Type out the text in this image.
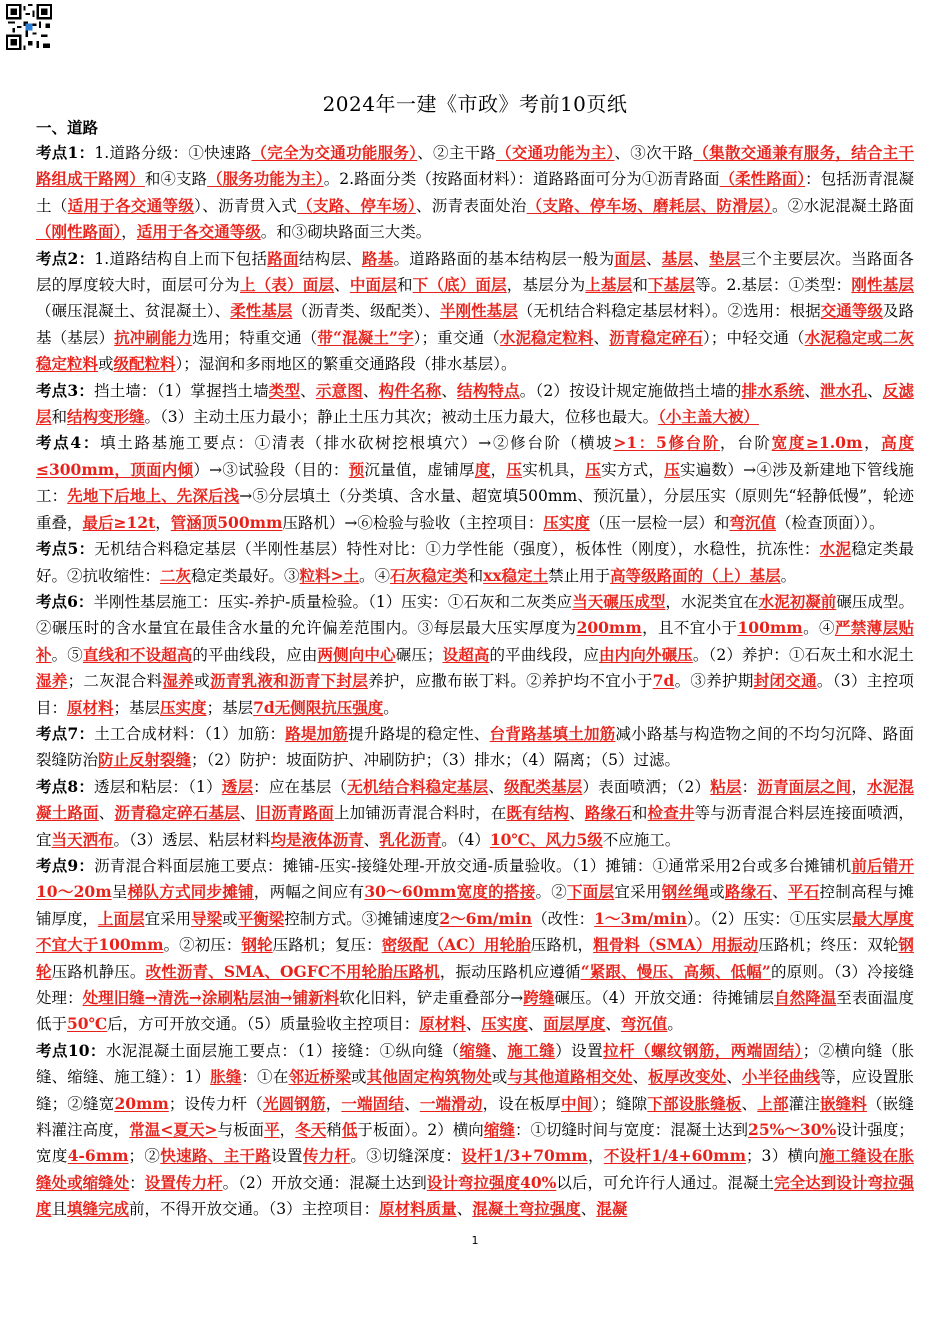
2024年一建《市政》考前10页纸
一、道路

考点1：1.道路分级：①快速路（完全为交通功能服务）、②主干路（交通功能为主）、③次干路（集散交通兼有服务，结合主干路组成干路网）和④支路（服务功能为主）。2.路面分类（按路面材料）：道路路面可分为①沥青路面（柔性路面）：包括沥青混凝土（适用于各交通等级）、沥青贯入式（支路、停车场）、沥青表面处治（支路、停车场、磨耗层、防滑层）。②水泥混凝土路面（刚性路面），适用于各交通等级。和③砌块路面三大类。

考点2：1.道路结构自上而下包括路面结构层、路基。道路路面的基本结构层一般为面层、基层、垫层三个主要层次。当路面各层的厚度较大时，面层可分为上（表）面层、中面层和下（底）面层，基层分为上基层和下基层等。2.基层：①类型：刚性基层（碾压混凝土、贫混凝土）、柔性基层（沥青类、级配类）、半刚性基层（无机结合料稳定基层材料）。②选用：根据交通等级及路基（基层）抗冲刷能力选用；特重交通（带“混凝土”字）；重交通（水泥稳定粒料、沥青稳定碎石）；中轻交通（水泥稳定或二灰稳定粒料或级配粒料）；湿润和多雨地区的繁重交通路段（排水基层）。

考点3：挡土墙：（1）掌握挡土墙类型、示意图、构件名称、结构特点。（2）按设计规定施做挡土墙的排水系统、泄水孔、反滤层和结构变形缝。（3）主动土压力最小；静止土压力其次；被动土压力最大，位移也最大。（小主盖大被）

考点4：填土路基施工要点：①清表（排水砍树挖根填穴）→②修台阶（横坡>1：5修台阶，台阶宽度≥1.0m，高度≤300mm，顶面内倾）→③试验段（目的：预沉量值，虚铺厚度，压实机具，压实方式，压实遍数）→④涉及新建地下管线施工：先地下后地上、先深后浅→⑤分层填土（分类填、含水量、超宽填500mm、预沉量），分层压实（原则先“轻静低慢”，轮迹重叠，最后≥12t，管涵顶500mm压路机）→⑥检验与验收（主控项目：压实度（压一层检一层）和弯沉值（检查顶面））。

考点5：无机结合料稳定基层（半刚性基层）特性对比：①力学性能（强度），板体性（刚度），水稳性，抗冻性：水泥稳定类最好。②抗收缩性：二灰稳定类最好。③粒料>土。④石灰稳定类和xx稳定土禁止用于高等级路面的（上）基层。

考点6：半刚性基层施工：压实-养护-质量检验。（1）压实：①石灰和二灰类应当天碾压成型，水泥类宜在水泥初凝前碾压成型。②碾压时的含水量宜在最佳含水量的允许偏差范围内。③每层最大压实厚度为200mm，且不宜小于100mm。④严禁薄层贴补。⑤直线和不设超高的平曲线段，应由两侧向中心碾压；设超高的平曲线段，应由内向外碾压。（2）养护：①石灰土和水泥土湿养；二灰混合料湿养或沥青乳液和沥青下封层养护，应撒布嵌丁料。②养护均不宜小于7d。③养护期封闭交通。（3）主控项目：原材料；基层压实度；基层7d无侧限抗压强度。

考点7：土工合成材料：（1）加筋：路堤加筋提升路堤的稳定性、台背路基填土加筋减小路基与构造物之间的不均匀沉降、路面裂缝防治防止反射裂缝；（2）防护：坡面防护、冲刷防护；（3）排水；（4）隔离；（5）过滤。

考点8：透层和粘层：（1）透层：应在基层（无机结合料稳定基层、级配类基层）表面喷洒；（2）粘层：沥青面层之间，水泥混凝土路面、沥青稳定碎石基层、旧沥青路面上加铺沥青混合料时，在既有结构、路缘石和检查井等与沥青混合料层连接面喷洒，宜当天洒布。（3）透层、粘层材料均是液体沥青、乳化沥青。（4）10℃、风力5级不应施工。

考点9：沥青混合料面层施工要点：摊铺-压实-接缝处理-开放交通-质量验收。（1）摊铺：①通常采用2台或多台摊铺机前后错开10～20m呈梯队方式同步摊铺，两幅之间应有30～60mm宽度的搭接。②下面层宜采用钢丝绳或路缘石、平石控制高程与摊铺厚度，上面层宜采用导梁或平衡梁控制方式。③摊铺速度2～6m/min（改性：1～3m/min）。（2）压实：①压实层最大厚度不宜大于100mm。②初压：钢轮压路机；复压：密级配（AC）用轮胎压路机，粗骨料（SMA）用振动压路机；终压：双轮钢轮压路机静压。改性沥青、SMA、OGFC不用轮胎压路机，振动压路机应遵循“紧跟、慢压、高频、低幅”的原则。（3）冷接缝处理：处理旧缝→清洗→涂刷粘层油→铺新料软化旧料，铲走重叠部分→跨缝碾压。（4）开放交通：待摊铺层自然降温至表面温度低于50℃后，方可开放交通。（5）质量验收主控项目：原材料、压实度、面层厚度、弯沉值。

考点10：水泥混凝土面层施工要点：（1）接缝：①纵向缝（缩缝、施工缝）设置拉杆（螺纹钢筋，两端固结）；②横向缝（胀缝、缩缝、施工缝）：1）胀缝：①在邻近桥梁或其他固定构筑物处或与其他道路相交处、板厚改变处、小半径曲线等，应设置胀缝；②缝宽20mm；设传力杆（光圆钢筋，一端固结、一端滑动，设在板厚中间）；缝隙下部设胀缝板、上部灌注嵌缝料（嵌缝料灌注高度，常温<夏天>与板面平，冬天稍低于板面）。2）横向缩缝：①切缝时间与宽度：混凝土达到25%～30%设计强度；宽度4-6mm；②快速路、主干路设置传力杆。③切缝深度：设杆1/3+70mm，不设杆1/4+60mm；3）横向施工缝设在胀缝处或缩缝处：设置传力杆。（2）开放交通：混凝土达到设计弯拉强度40%以后，可允许行人通过。混凝土完全达到设计弯拉强度且填缝完成前，不得开放交通。（3）主控项目：原材料质量、混凝土弯拉强度、混凝

1
